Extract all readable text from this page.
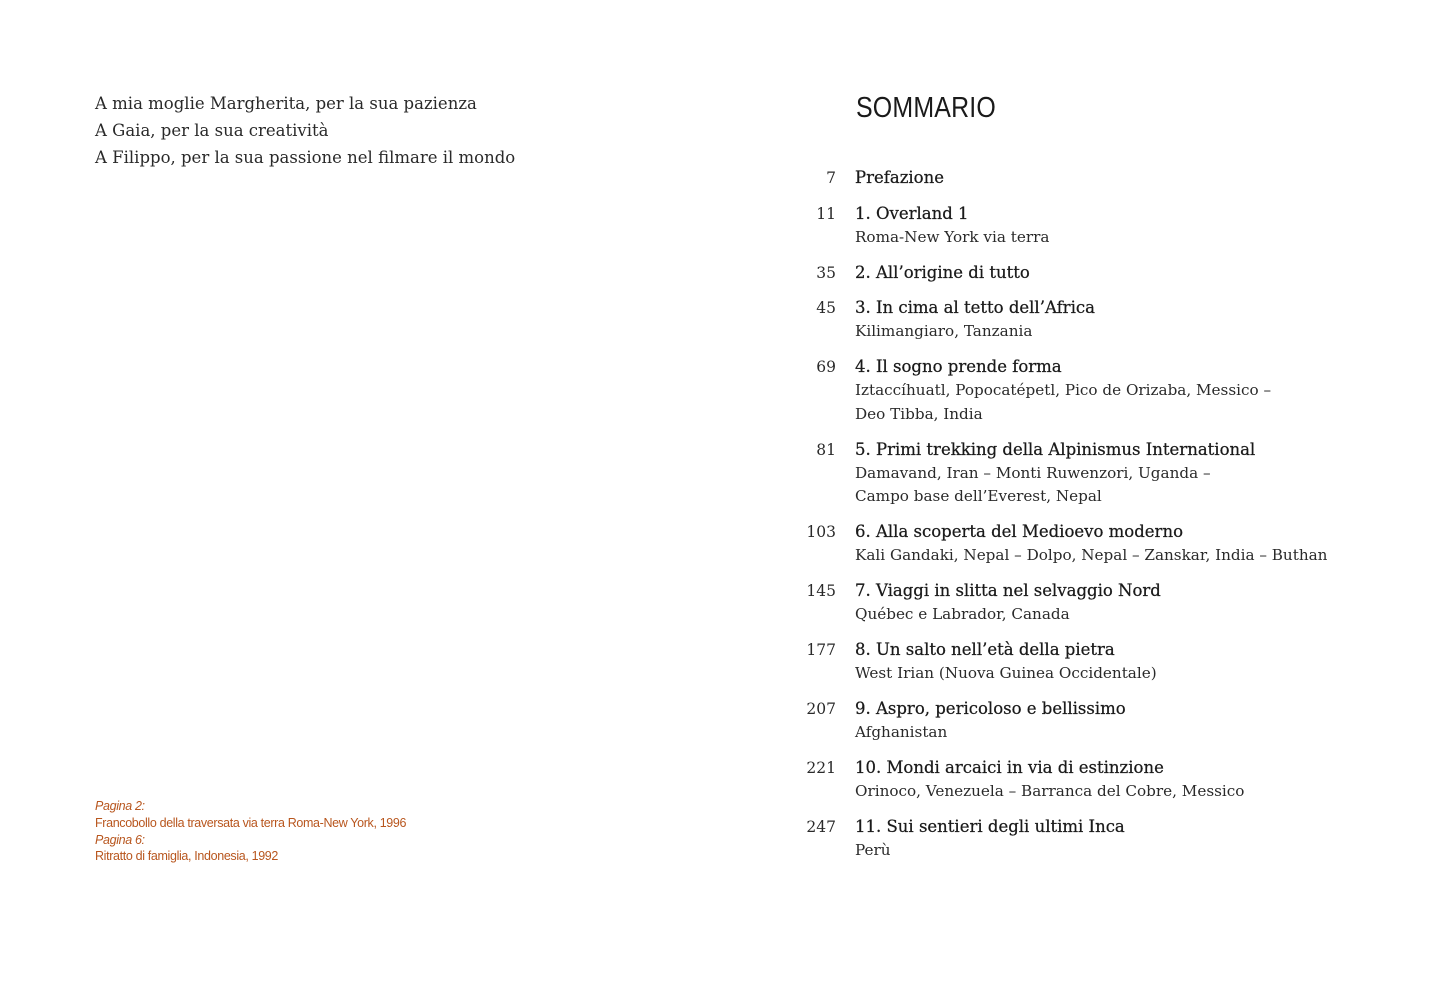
A mia moglie Margherita, per la sua pazienza
A Gaia, per la sua creatività
A Filippo, per la sua passione nel filmare il mondo
Pagina 2:
Francobollo della traversata via terra Roma-New York, 1996
Pagina 6:
Ritratto di famiglia, Indonesia, 1992
SOMMARIO
7 Prefazione
11 1. Overland 1
Roma-New York via terra
35 2. All’origine di tutto
45 3. In cima al tetto dell’Africa
Kilimangiaro, Tanzania
69 4. Il sogno prende forma
Iztaccíhuatl, Popocatépetl, Pico de Orizaba, Messico –
Deo Tibba, India
81 5. Primi trekking della Alpinismus International
Damavand, Iran – Monti Ruwenzori, Uganda –
Campo base dell’Everest, Nepal
103 6. Alla scoperta del Medioevo moderno
Kali Gandaki, Nepal – Dolpo, Nepal – Zanskar, India – Buthan
145 7. Viaggi in slitta nel selvaggio Nord
Québec e Labrador, Canada
177 8. Un salto nell’età della pietra
West Irian (Nuova Guinea Occidentale)
207 9. Aspro, pericoloso e bellissimo
Afghanistan
221 10. Mondi arcaici in via di estinzione
Orinoco, Venezuela – Barranca del Cobre, Messico
247 11. Sui sentieri degli ultimi Inca
Perù
